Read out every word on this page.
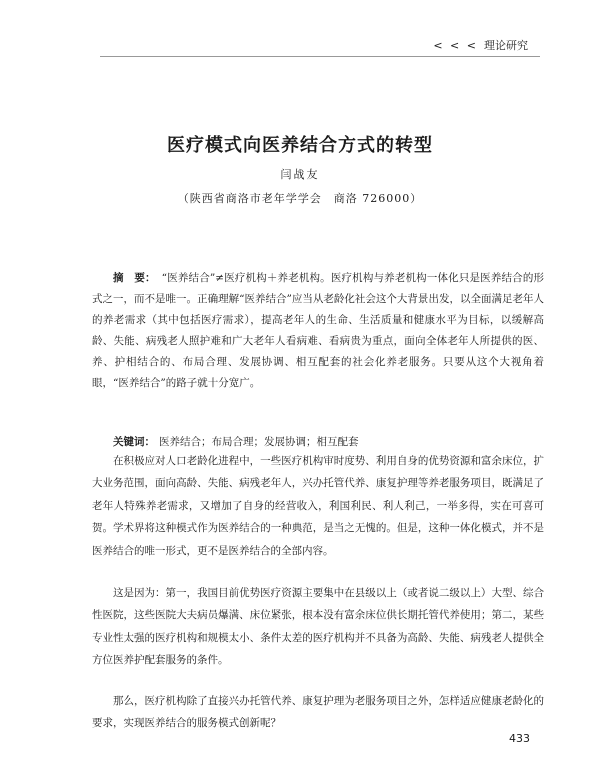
< < < 理论研究
医疗模式向医养结合方式的转型
闫战友
（陕西省商洛市老年学学会　商洛 726000）
摘　要： “医养结合”≠医疗机构＋养老机构。医疗机构与养老机构一体化只是医养结合的形式之一，而不是唯一。正确理解“医养结合”应当从老龄化社会这个大背景出发，以全面满足老年人的养老需求（其中包括医疗需求），提高老年人的生命、生活质量和健康水平为目标，以缓解高龄、失能、病残老人照护难和广大老年人看病难、看病贵为重点，面向全体老年人所提供的医、养、护相结合的、布局合理、发展协调、相互配套的社会化养老服务。只要从这个大视角着眼，“医养结合”的路子就十分宽广。
关键词： 医养结合；布局合理；发展协调；相互配套
在积极应对人口老龄化进程中，一些医疗机构审时度势、利用自身的优势资源和富余床位，扩大业务范围，面向高龄、失能、病残老年人，兴办托管代养、康复护理等养老服务项目，既满足了老年人特殊养老需求，又增加了自身的经营收入，利国利民、利人利己，一举多得，实在可喜可贺。学术界将这种模式作为医养结合的一种典范，是当之无愧的。但是，这种一体化模式，并不是医养结合的唯一形式，更不是医养结合的全部内容。
这是因为：第一，我国目前优势医疗资源主要集中在县级以上（或者说二级以上）大型、综合性医院，这些医院大夫病员爆满、床位紧张，根本没有富余床位供长期托管代养使用；第二，某些专业性太强的医疗机构和规模太小、条件太差的医疗机构并不具备为高龄、失能、病残老人提供全方位医养护配套服务的条件。
那么，医疗机构除了直接兴办托管代养、康复护理为老服务项目之外，怎样适应健康老龄化的要求，实现医养结合的服务模式创新呢？
433
